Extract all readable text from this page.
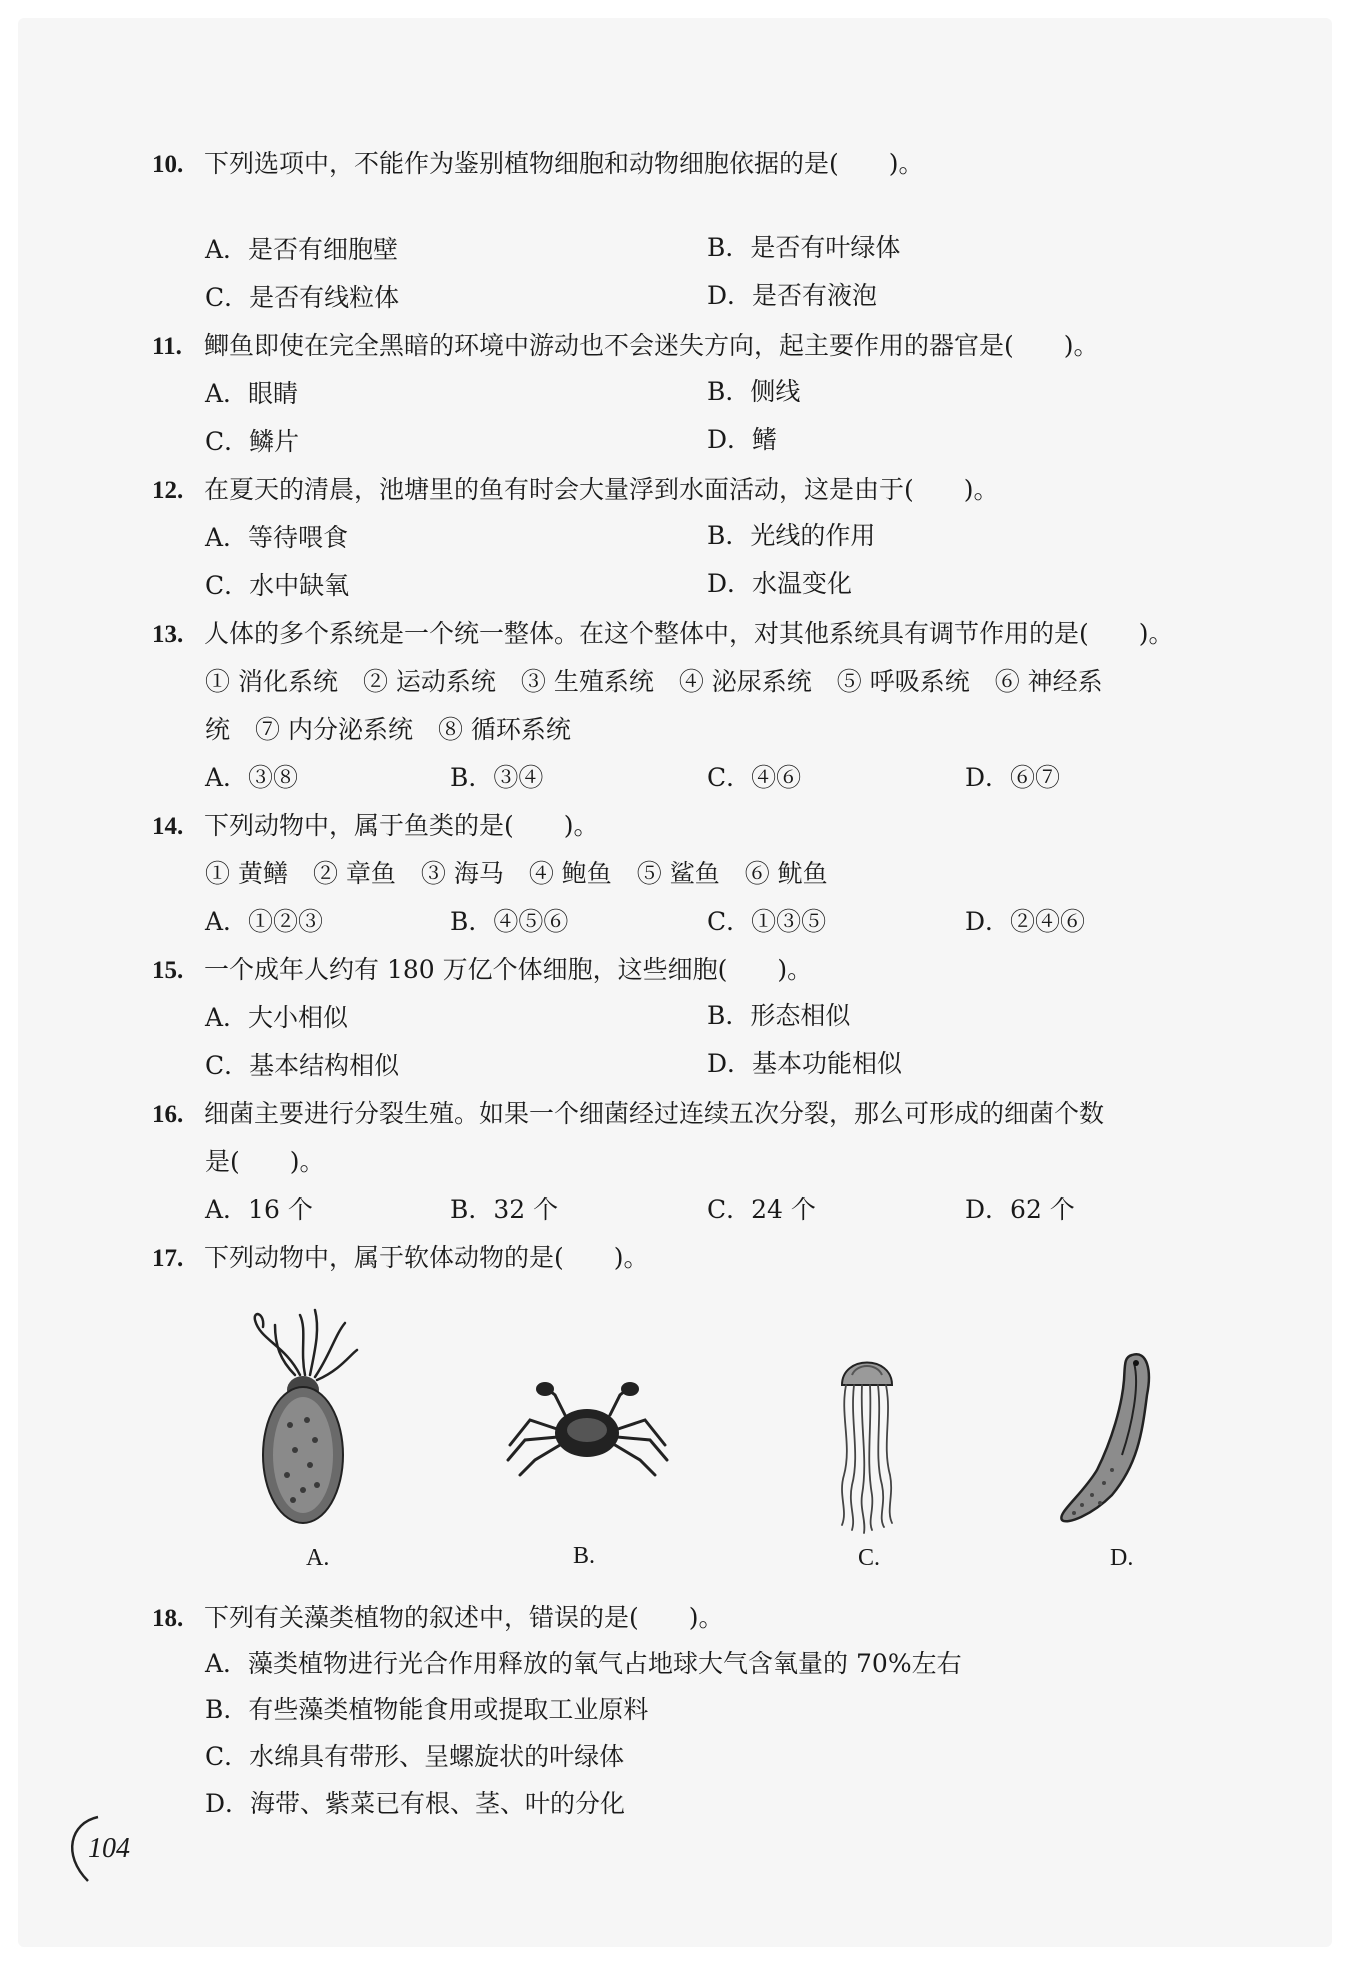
10. 下列选项中，不能作为鉴别植物细胞和动物细胞依据的是(　　)。
A．是否有细胞壁	B．是否有叶绿体
C．是否有线粒体	D．是否有液泡
11. 鲫鱼即使在完全黑暗的环境中游动也不会迷失方向，起主要作用的器官是(　　)。
A．眼睛	B．侧线
C．鳞片	D．鳍
12. 在夏天的清晨，池塘里的鱼有时会大量浮到水面活动，这是由于(　　)。
A．等待喂食	B．光线的作用
C．水中缺氧	D．水温变化
13. 人体的多个系统是一个统一整体。在这个整体中，对其他系统具有调节作用的是(　　)。
① 消化系统　② 运动系统　③ 生殖系统　④ 泌尿系统　⑤ 呼吸系统　⑥ 神经系
统　⑦ 内分泌系统　⑧ 循环系统
A．③⑧	B．③④	C．④⑥	D．⑥⑦
14. 下列动物中，属于鱼类的是(　　)。
① 黄鳝　② 章鱼　③ 海马　④ 鲍鱼　⑤ 鲨鱼　⑥ 鱿鱼
A．①②③	B．④⑤⑥	C．①③⑤	D．②④⑥
15. 一个成年人约有 180 万亿个体细胞，这些细胞(　　)。
A．大小相似	B．形态相似
C．基本结构相似	D．基本功能相似
16. 细菌主要进行分裂生殖。如果一个细菌经过连续五次分裂，那么可形成的细菌个数
是(　　)。
A．16 个	B．32 个	C．24 个	D．62 个
17. 下列动物中，属于软体动物的是(　　)。
A.	B.	C.	D.
18. 下列有关藻类植物的叙述中，错误的是(　　)。
A．藻类植物进行光合作用释放的氧气占地球大气含氧量的 70%左右
B．有些藻类植物能食用或提取工业原料
C．水绵具有带形、呈螺旋状的叶绿体
D．海带、紫菜已有根、茎、叶的分化
104
